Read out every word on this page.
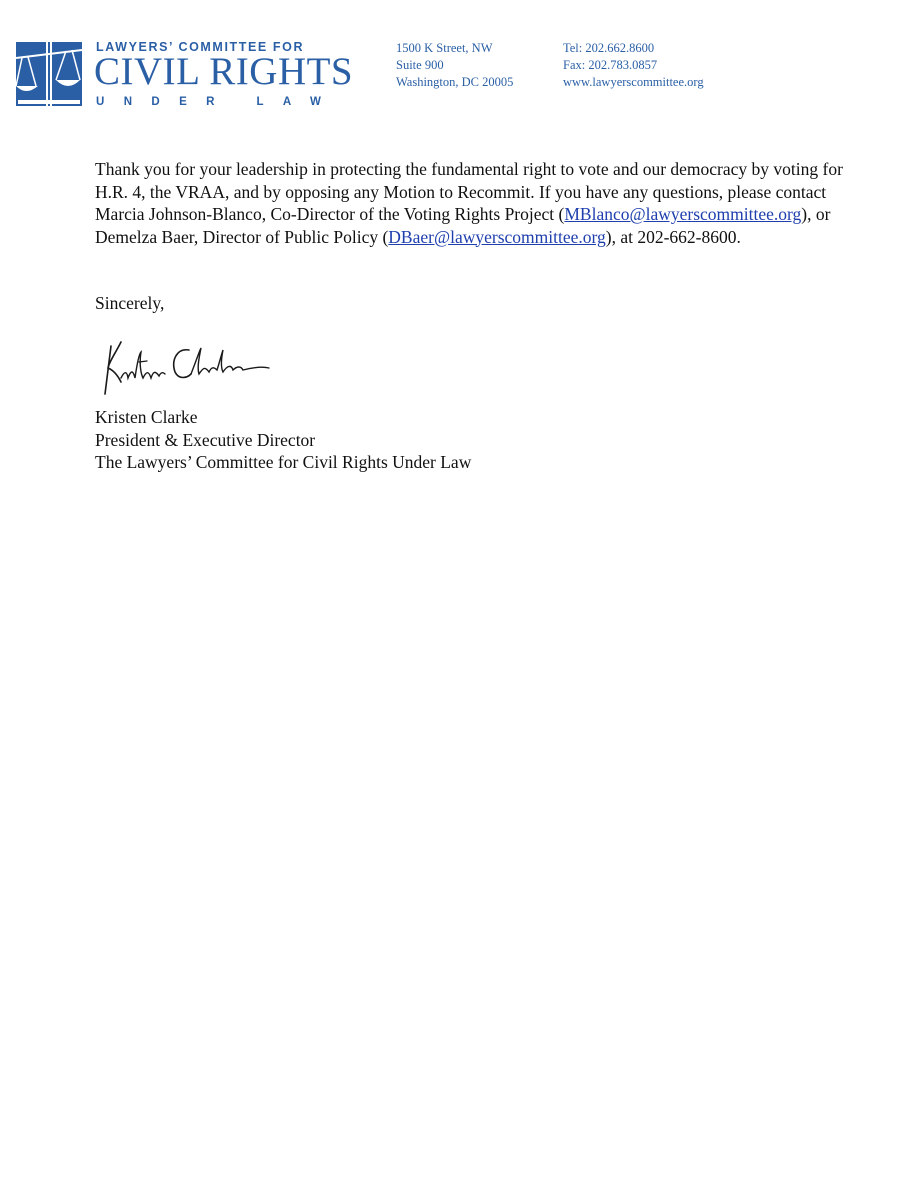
LAWYERS’ COMMITTEE FOR
CIVIL RIGHTS
UNDER LAW
1500 K Street, NW
Suite 900
Washington, DC 20005
Tel: 202.662.8600
Fax: 202.783.0857
www.lawyerscommittee.org

Thank you for your leadership in protecting the fundamental right to vote and our democracy by voting for H.R. 4, the VRAA, and by opposing any Motion to Recommit. If you have any questions, please contact Marcia Johnson-Blanco, Co-Director of the Voting Rights Project (MBlanco@lawyerscommittee.org), or Demelza Baer, Director of Public Policy (DBaer@lawyerscommittee.org), at 202-662-8600.

Sincerely,
Kristen Clarke
President & Executive Director
The Lawyers’ Committee for Civil Rights Under Law
